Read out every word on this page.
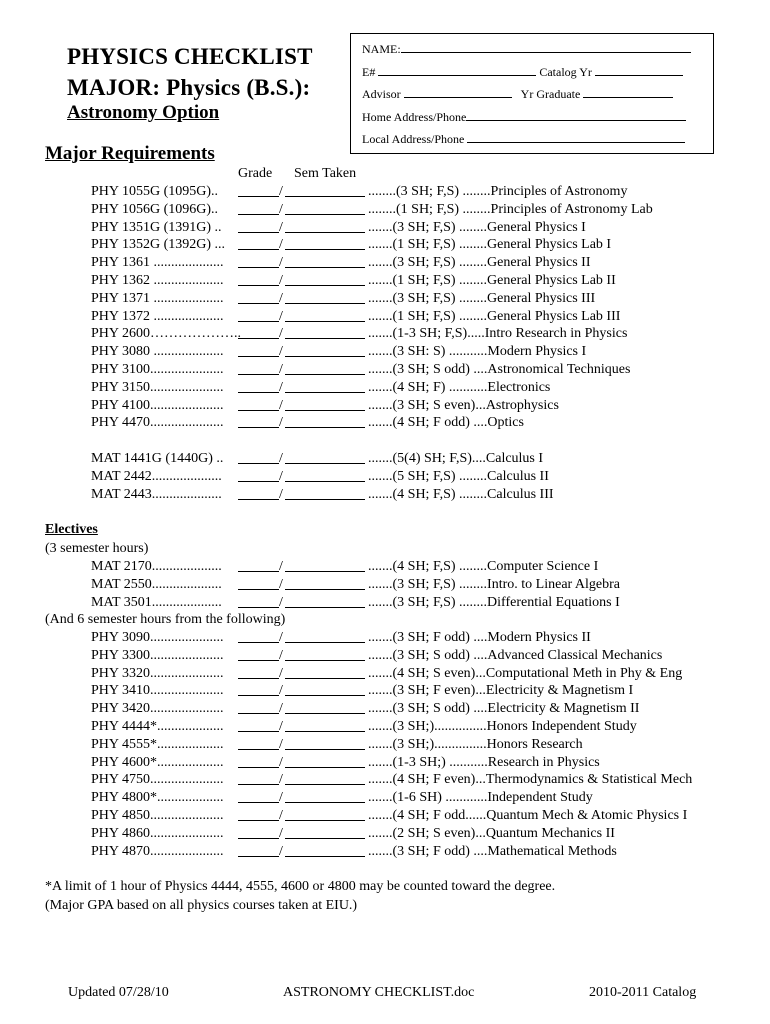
PHYSICS CHECKLIST
MAJOR: Physics (B.S.):
Astronomy Option
NAME:
E#	Catalog Yr
Advisor	Yr Graduate
Home Address/Phone
Local Address/Phone
Major Requirements
Grade Sem Taken
PHY 1055G (1095G)..	/	........(3 SH; F,S) ........Principles of Astronomy
PHY 1056G (1096G)..	/	........(1 SH; F,S) ........Principles of Astronomy Lab
PHY 1351G (1391G) ..	/	.......(3 SH; F,S) ........General Physics I
PHY 1352G (1392G) ...	/	.......(1 SH; F,S) ........General Physics Lab I
PHY 1361 ....................	/	.......(3 SH; F,S) ........General Physics II
PHY 1362 ....................	/	.......(1 SH; F,S) ........General Physics Lab II
PHY 1371 ....................	/	.......(3 SH; F,S) ........General Physics III
PHY 1372 ....................	/	.......(1 SH; F,S) ........General Physics Lab III
PHY 2600………………..	/	.......(1-3 SH; F,S).....Intro Research in Physics
PHY 3080 ....................	/	.......(3 SH: S) ...........Modern Physics I
PHY 3100.....................	/	.......(3 SH; S odd) ....Astronomical Techniques
PHY 3150.....................	/	.......(4 SH; F) ...........Electronics
PHY 4100.....................	/	.......(3 SH; S even)...Astrophysics
PHY 4470.....................	/	.......(4 SH; F odd) ....Optics
MAT 1441G (1440G) ..	/	.......(5(4) SH; F,S)....Calculus I
MAT 2442....................	/	.......(5 SH; F,S) ........Calculus II
MAT 2443....................	/	.......(4 SH; F,S) ........Calculus III
Electives
(3 semester hours)
MAT 2170....................	/	.......(4 SH; F,S) ........Computer Science I
MAT 2550....................	/	.......(3 SH; F,S) ........Intro. to Linear Algebra
MAT 3501....................	/	.......(3 SH; F,S) ........Differential Equations I
(And 6 semester hours from the following)
PHY 3090.....................	/	.......(3 SH; F odd) ....Modern Physics II
PHY 3300.....................	/	.......(3 SH; S odd) ....Advanced Classical Mechanics
PHY 3320.....................	/	.......(4 SH; S even)...Computational Meth in Phy & Eng
PHY 3410.....................	/	.......(3 SH; F even)...Electricity & Magnetism I
PHY 3420.....................	/	.......(3 SH; S odd) ....Electricity & Magnetism II
PHY 4444*...................	/	.......(3 SH;)...............Honors Independent Study
PHY 4555*...................	/	.......(3 SH;)...............Honors Research
PHY 4600*...................	/	.......(1-3 SH;) ...........Research in Physics
PHY 4750.....................	/	.......(4 SH; F even)...Thermodynamics & Statistical Mech
PHY 4800*...................	/	.......(1-6 SH) ............Independent Study
PHY 4850.....................	/	.......(4 SH; F odd......Quantum Mech & Atomic Physics I
PHY 4860.....................	/	.......(2 SH; S even)...Quantum Mechanics II
PHY 4870.....................	/	.......(3 SH; F odd) ....Mathematical Methods
*A limit of 1 hour of Physics 4444, 4555, 4600 or 4800 may be counted toward the degree.
(Major GPA based on all physics courses taken at EIU.)
Updated 07/28/10	ASTRONOMY CHECKLIST.doc	2010-2011 Catalog
